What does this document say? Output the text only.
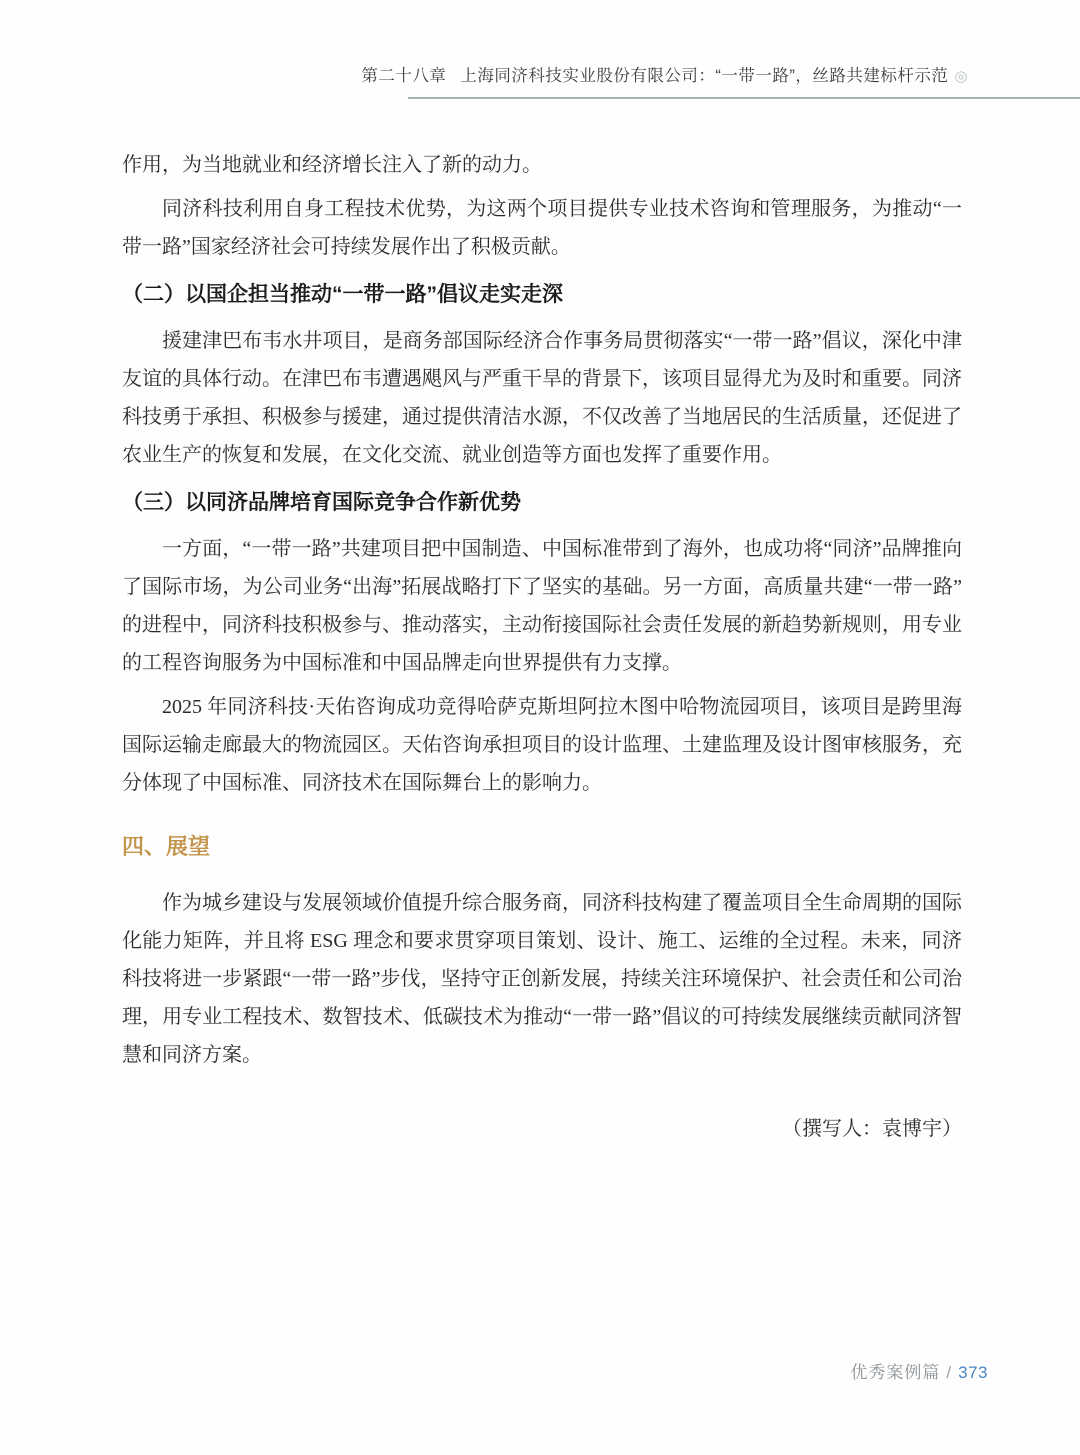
第二十八章 上海同济科技实业股份有限公司：“一带一路”，丝路共建标杆示范 ◎

作用，为当地就业和经济增长注入了新的动力。

同济科技利用自身工程技术优势，为这两个项目提供专业技术咨询和管理服务，为推动“一带一路”国家经济社会可持续发展作出了积极贡献。

（二）以国企担当推动“一带一路”倡议走实走深

援建津巴布韦水井项目，是商务部国际经济合作事务局贯彻落实“一带一路”倡议，深化中津友谊的具体行动。在津巴布韦遭遇飓风与严重干旱的背景下，该项目显得尤为及时和重要。同济科技勇于承担、积极参与援建，通过提供清洁水源，不仅改善了当地居民的生活质量，还促进了农业生产的恢复和发展，在文化交流、就业创造等方面也发挥了重要作用。

（三）以同济品牌培育国际竞争合作新优势

一方面，“一带一路”共建项目把中国制造、中国标准带到了海外，也成功将“同济”品牌推向了国际市场，为公司业务“出海”拓展战略打下了坚实的基础。另一方面，高质量共建“一带一路”的进程中，同济科技积极参与、推动落实，主动衔接国际社会责任发展的新趋势新规则，用专业的工程咨询服务为中国标准和中国品牌走向世界提供有力支撑。

2025 年同济科技·天佑咨询成功竞得哈萨克斯坦阿拉木图中哈物流园项目，该项目是跨里海国际运输走廊最大的物流园区。天佑咨询承担项目的设计监理、土建监理及设计图审核服务，充分体现了中国标准、同济技术在国际舞台上的影响力。

四、展望

作为城乡建设与发展领域价值提升综合服务商，同济科技构建了覆盖项目全生命周期的国际化能力矩阵，并且将 ESG 理念和要求贯穿项目策划、设计、施工、运维的全过程。未来，同济科技将进一步紧跟“一带一路”步伐，坚持守正创新发展，持续关注环境保护、社会责任和公司治理，用专业工程技术、数智技术、低碳技术为推动“一带一路”倡议的可持续发展继续贡献同济智慧和同济方案。

（撰写人：袁博宇）

优秀案例篇 / 373
